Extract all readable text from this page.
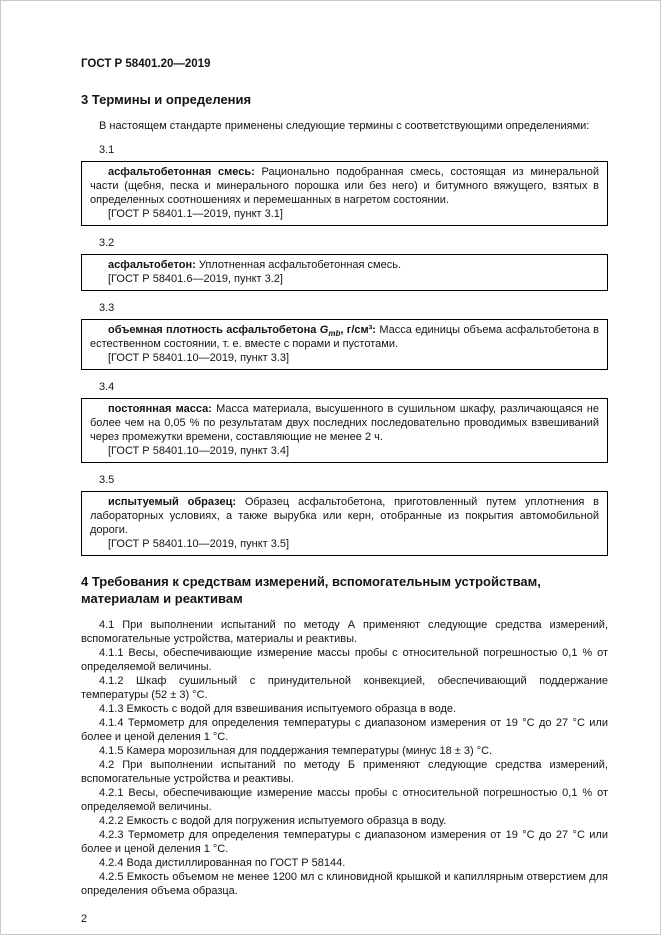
ГОСТ Р 58401.20—2019
3 Термины и определения

В настоящем стандарте применены следующие термины с соответствующими определениями:

3.1

асфальтобетонная смесь: Рационально подобранная смесь, состоящая из минеральной части (щебня, песка и минерального порошка или без него) и битумного вяжущего, взятых в определенных соотношениях и перемешанных в нагретом состоянии.

[ГОСТ Р 58401.1—2019, пункт 3.1]

3.2

асфальтобетон: Уплотненная асфальтобетонная смесь.

[ГОСТ Р 58401.6—2019, пункт 3.2]

3.3

объемная плотность асфальтобетона $G_{mb}$, г/см³: Масса единицы объема асфальтобетона в естественном состоянии, т. е. вместе с порами и пустотами.

[ГОСТ Р 58401.10—2019, пункт 3.3]

3.4

постоянная масса: Масса материала, высушенного в сушильном шкафу, различающаяся не более чем на 0,05 % по результатам двух последних последовательно проводимых взвешиваний через промежутки времени, составляющие не менее 2 ч.

[ГОСТ Р 58401.10—2019, пункт 3.4]

3.5

испытуемый образец: Образец асфальтобетона, приготовленный путем уплотнения в лабораторных условиях, а также вырубка или керн, отобранные из покрытия автомобильной дороги.

[ГОСТ Р 58401.10—2019, пункт 3.5]

4 Требования к средствам измерений, вспомогательным устройствам, материалам и реактивам

4.1 При выполнении испытаний по методу А применяют следующие средства измерений, вспомогательные устройства, материалы и реактивы.

4.1.1 Весы, обеспечивающие измерение массы пробы с относительной погрешностью 0,1 % от определяемой величины.

4.1.2 Шкаф сушильный с принудительной конвекцией, обеспечивающий поддержание температуры (52 ± 3) °С.

4.1.3 Емкость с водой для взвешивания испытуемого образца в воде.

4.1.4 Термометр для определения температуры с диапазоном измерения от 19 °С до 27 °С или более и ценой деления 1 °С.

4.1.5 Камера морозильная для поддержания температуры (минус 18 ± 3) °С.

4.2 При выполнении испытаний по методу Б применяют следующие средства измерений, вспомогательные устройства и реактивы.

4.2.1 Весы, обеспечивающие измерение массы пробы с относительной погрешностью 0,1 % от определяемой величины.

4.2.2 Емкость с водой для погружения испытуемого образца в воду.

4.2.3 Термометр для определения температуры с диапазоном измерения от 19 °С до 27 °С или более и ценой деления 1 °С.

4.2.4 Вода дистиллированная по ГОСТ Р 58144.

4.2.5 Емкость объемом не менее 1200 мл с клиновидной крышкой и капиллярным отверстием для определения объема образца.

2
